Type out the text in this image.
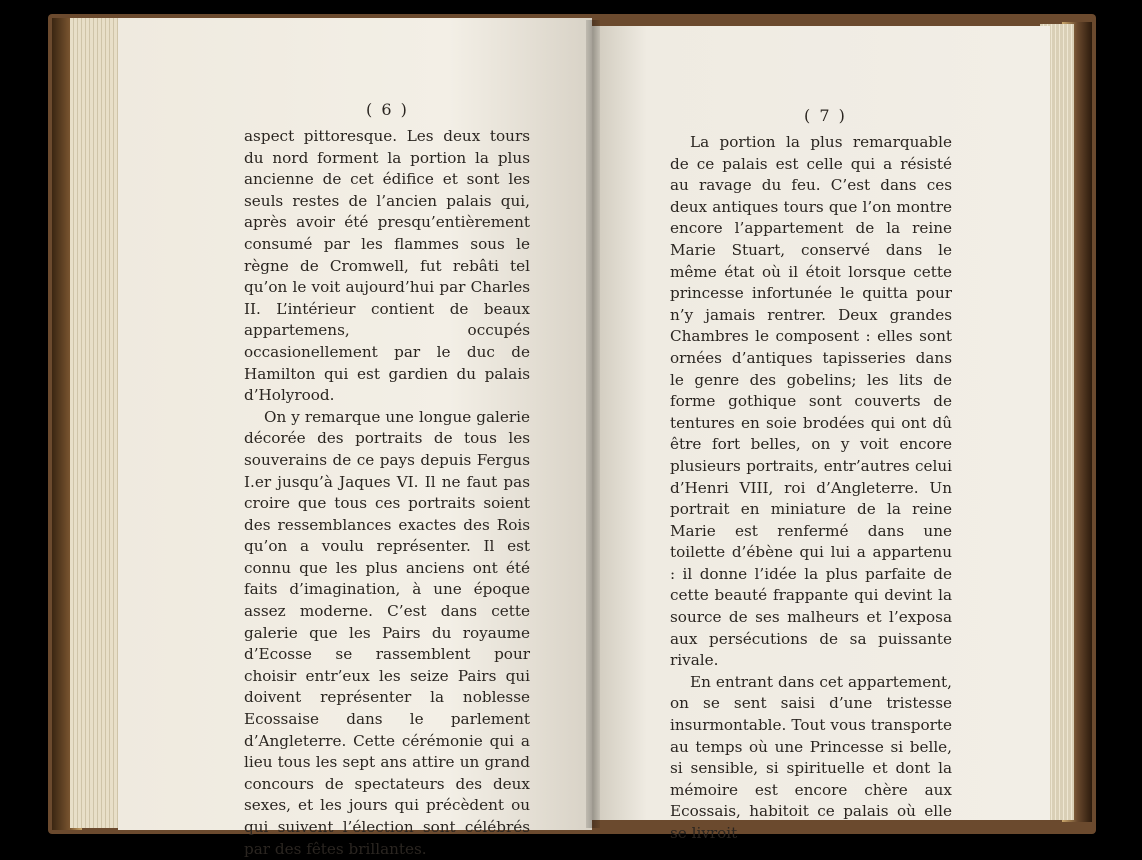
( 6 )

aspect pittoresque. Les deux tours du nord forment la portion la plus ancienne de cet édifice et sont les seuls restes de l’ancien palais qui, après avoir été presqu’entièrement consumé par les flammes sous le règne de Cromwell, fut rebâti tel qu’on le voit aujourd’hui par Charles II. L’intérieur contient de beaux appartemens, occupés occasionellement par le duc de Hamilton qui est gardien du palais d’Holyrood.

On y remarque une longue galerie décorée des portraits de tous les souverains de ce pays depuis Fergus I.er jusqu’à Jaques VI. Il ne faut pas croire que tous ces portraits soient des ressemblances exactes des Rois qu’on a voulu représenter. Il est connu que les plus anciens ont été faits d’imagination, à une époque assez moderne. C’est dans cette galerie que les Pairs du royaume d’Ecosse se rassemblent pour choisir entr’eux les seize Pairs qui doivent représenter la noblesse Ecossaise dans le parlement d’Angleterre. Cette cérémonie qui a lieu tous les sept ans attire un grand concours de spectateurs des deux sexes, et les jours qui précèdent ou qui suivent l’élection sont célébrés par des fêtes brillantes.

( 7 )

La portion la plus remarquable de ce palais est celle qui a résisté au ravage du feu. C’est dans ces deux antiques tours que l’on montre encore l’appartement de la reine Marie Stuart, conservé dans le même état où il étoit lorsque cette princesse infortunée le quitta pour n’y jamais rentrer. Deux grandes Chambres le composent : elles sont ornées d’antiques tapisseries dans le genre des gobelins; les lits de forme gothique sont couverts de tentures en soie brodées qui ont dû être fort belles, on y voit encore plusieurs portraits, entr’autres celui d’Henri VIII, roi d’Angleterre. Un portrait en miniature de la reine Marie est renfermé dans une toilette d’ébène qui lui a appartenu : il donne l’idée la plus parfaite de cette beauté frappante qui devint la source de ses malheurs et l’exposa aux persécutions de sa puissante rivale.

En entrant dans cet appartement, on se sent saisi d’une tristesse insurmontable. Tout vous transporte au temps où une Princesse si belle, si sensible, si spirituelle et dont la mémoire est encore chère aux Ecossais, habitoit ce palais où elle se livroit
